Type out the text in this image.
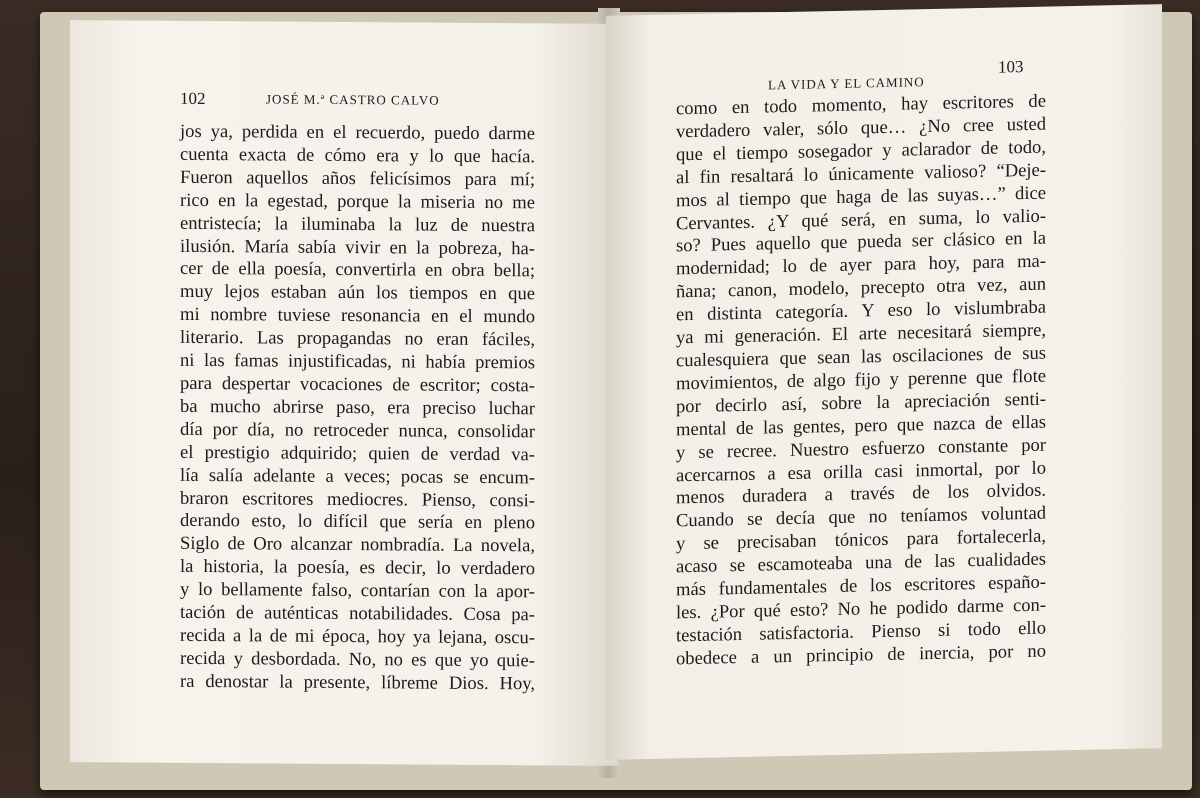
102	JOSÉ M.ª CASTRO CALVO
jos ya, perdida en el recuerdo, puedo darme
cuenta exacta de cómo era y lo que hacía.
Fueron aquellos años felicísimos para mí;
rico en la egestad, porque la miseria no me
entristecía; la iluminaba la luz de nuestra
ilusión. María sabía vivir en la pobreza, ha-
cer de ella poesía, convertirla en obra bella;
muy lejos estaban aún los tiempos en que
mi nombre tuviese resonancia en el mundo
literario. Las propagandas no eran fáciles,
ni las famas injustificadas, ni había premios
para despertar vocaciones de escritor; costa-
ba mucho abrirse paso, era preciso luchar
día por día, no retroceder nunca, consolidar
el prestigio adquirido; quien de verdad va-
lía salía adelante a veces; pocas se encum-
braron escritores mediocres. Pienso, consi-
derando esto, lo difícil que sería en pleno
Siglo de Oro alcanzar nombradía. La novela,
la historia, la poesía, es decir, lo verdadero
y lo bellamente falso, contarían con la apor-
tación de auténticas notabilidades. Cosa pa-
recida a la de mi época, hoy ya lejana, oscu-
recida y desbordada. No, no es que yo quie-
ra denostar la presente, líbreme Dios. Hoy,
LA VIDA Y EL CAMINO
103
como en todo momento, hay escritores de
verdadero valer, sólo que… ¿No cree usted
que el tiempo sosegador y aclarador de todo,
al fin resaltará lo únicamente valioso? “Deje-
mos al tiempo que haga de las suyas…” dice
Cervantes. ¿Y qué será, en suma, lo valio-
so? Pues aquello que pueda ser clásico en la
modernidad; lo de ayer para hoy, para ma-
ñana; canon, modelo, precepto otra vez, aun
en distinta categoría. Y eso lo vislumbraba
ya mi generación. El arte necesitará siempre,
cualesquiera que sean las oscilaciones de sus
movimientos, de algo fijo y perenne que flote
por decirlo así, sobre la apreciación senti-
mental de las gentes, pero que nazca de ellas
y se recree. Nuestro esfuerzo constante por
acercarnos a esa orilla casi inmortal, por lo
menos duradera a través de los olvidos.
Cuando se decía que no teníamos voluntad
y se precisaban tónicos para fortalecerla,
acaso se escamoteaba una de las cualidades
más fundamentales de los escritores españo-
les. ¿Por qué esto? No he podido darme con-
testación satisfactoria. Pienso si todo ello
obedece a un principio de inercia, por no
